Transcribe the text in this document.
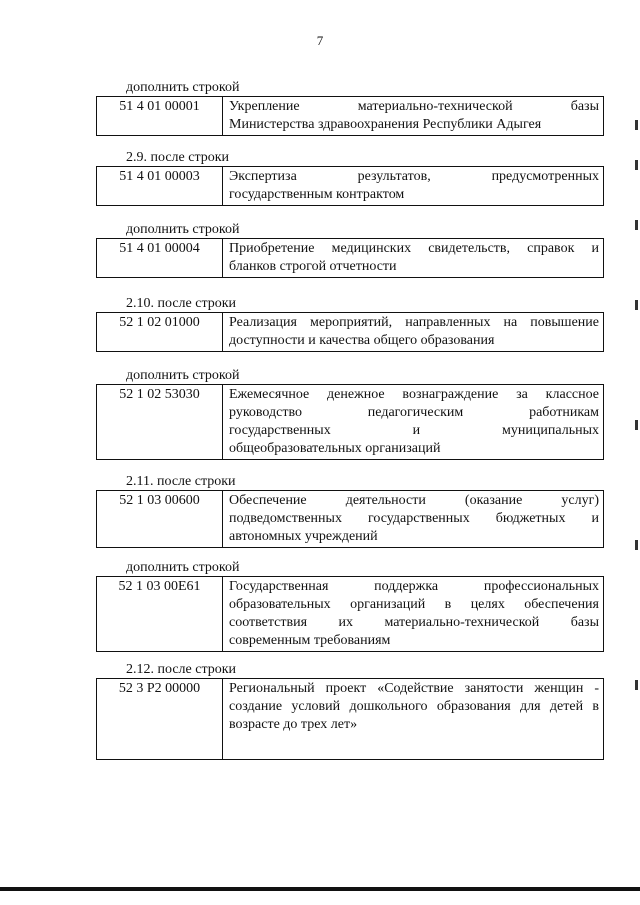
7
дополнить строкой
51 4 01 00001	Укрепление материально-технической базы
Министерства здравоохранения Республики Адыгея
2.9. после строки
51 4 01 00003	Экспертиза результатов, предусмотренных
государственным контрактом
дополнить строкой
51 4 01 00004	Приобретение медицинских свидетельств, справок и
бланков строгой отчетности
2.10. после строки
52 1 02 01000	Реализация мероприятий, направленных на повышение
доступности и качества общего образования
дополнить строкой
52 1 02 53030	Ежемесячное денежное вознаграждение за классное
руководство педагогическим работникам
государственных и муниципальных
общеобразовательных организаций
2.11. после строки
52 1 03 00600	Обеспечение деятельности (оказание услуг)
подведомственных государственных бюджетных и
автономных учреждений
дополнить строкой
52 1 03 00Е61	Государственная поддержка профессиональных
образовательных организаций в целях обеспечения
соответствия их материально-технической базы
современным требованиям
2.12. после строки
52 3 P2 00000	Региональный проект «Содействие занятости женщин -
создание условий дошкольного образования для детей в
возрасте до трех лет»
